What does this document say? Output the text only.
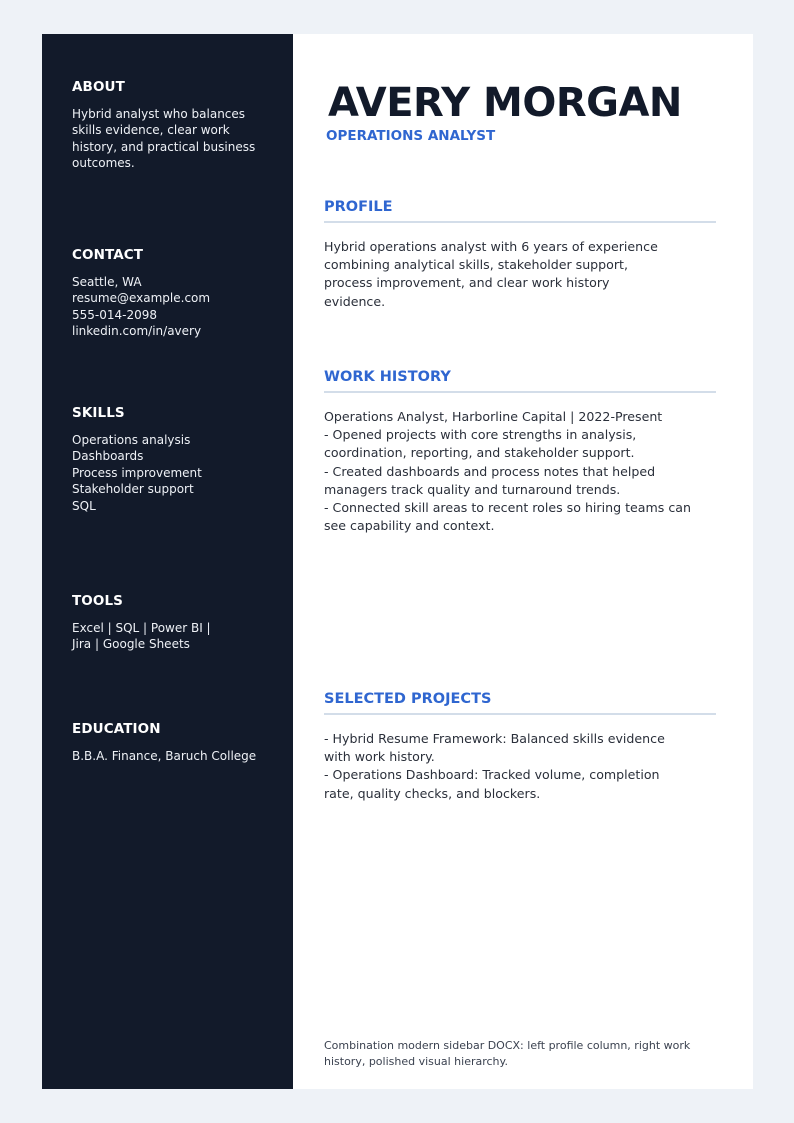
ABOUT
Hybrid analyst who balances skills evidence, clear work history, and practical business outcomes.
CONTACT
Seattle, WA
resume@example.com
555-014-2098
linkedin.com/in/avery
SKILLS
Operations analysis
Dashboards
Process improvement
Stakeholder support
SQL
TOOLS
Excel | SQL | Power BI | Jira | Google Sheets
EDUCATION
B.B.A. Finance, Baruch College
AVERY MORGAN
OPERATIONS ANALYST
PROFILE
Hybrid operations analyst with 6 years of experience combining analytical skills, stakeholder support, process improvement, and clear work history evidence.
WORK HISTORY
Operations Analyst, Harborline Capital | 2022-Present
- Opened projects with core strengths in analysis, coordination, reporting, and stakeholder support.
- Created dashboards and process notes that helped managers track quality and turnaround trends.
- Connected skill areas to recent roles so hiring teams can see capability and context.
SELECTED PROJECTS
- Hybrid Resume Framework: Balanced skills evidence with work history.
- Operations Dashboard: Tracked volume, completion rate, quality checks, and blockers.
Combination modern sidebar DOCX: left profile column, right work history, polished visual hierarchy.
